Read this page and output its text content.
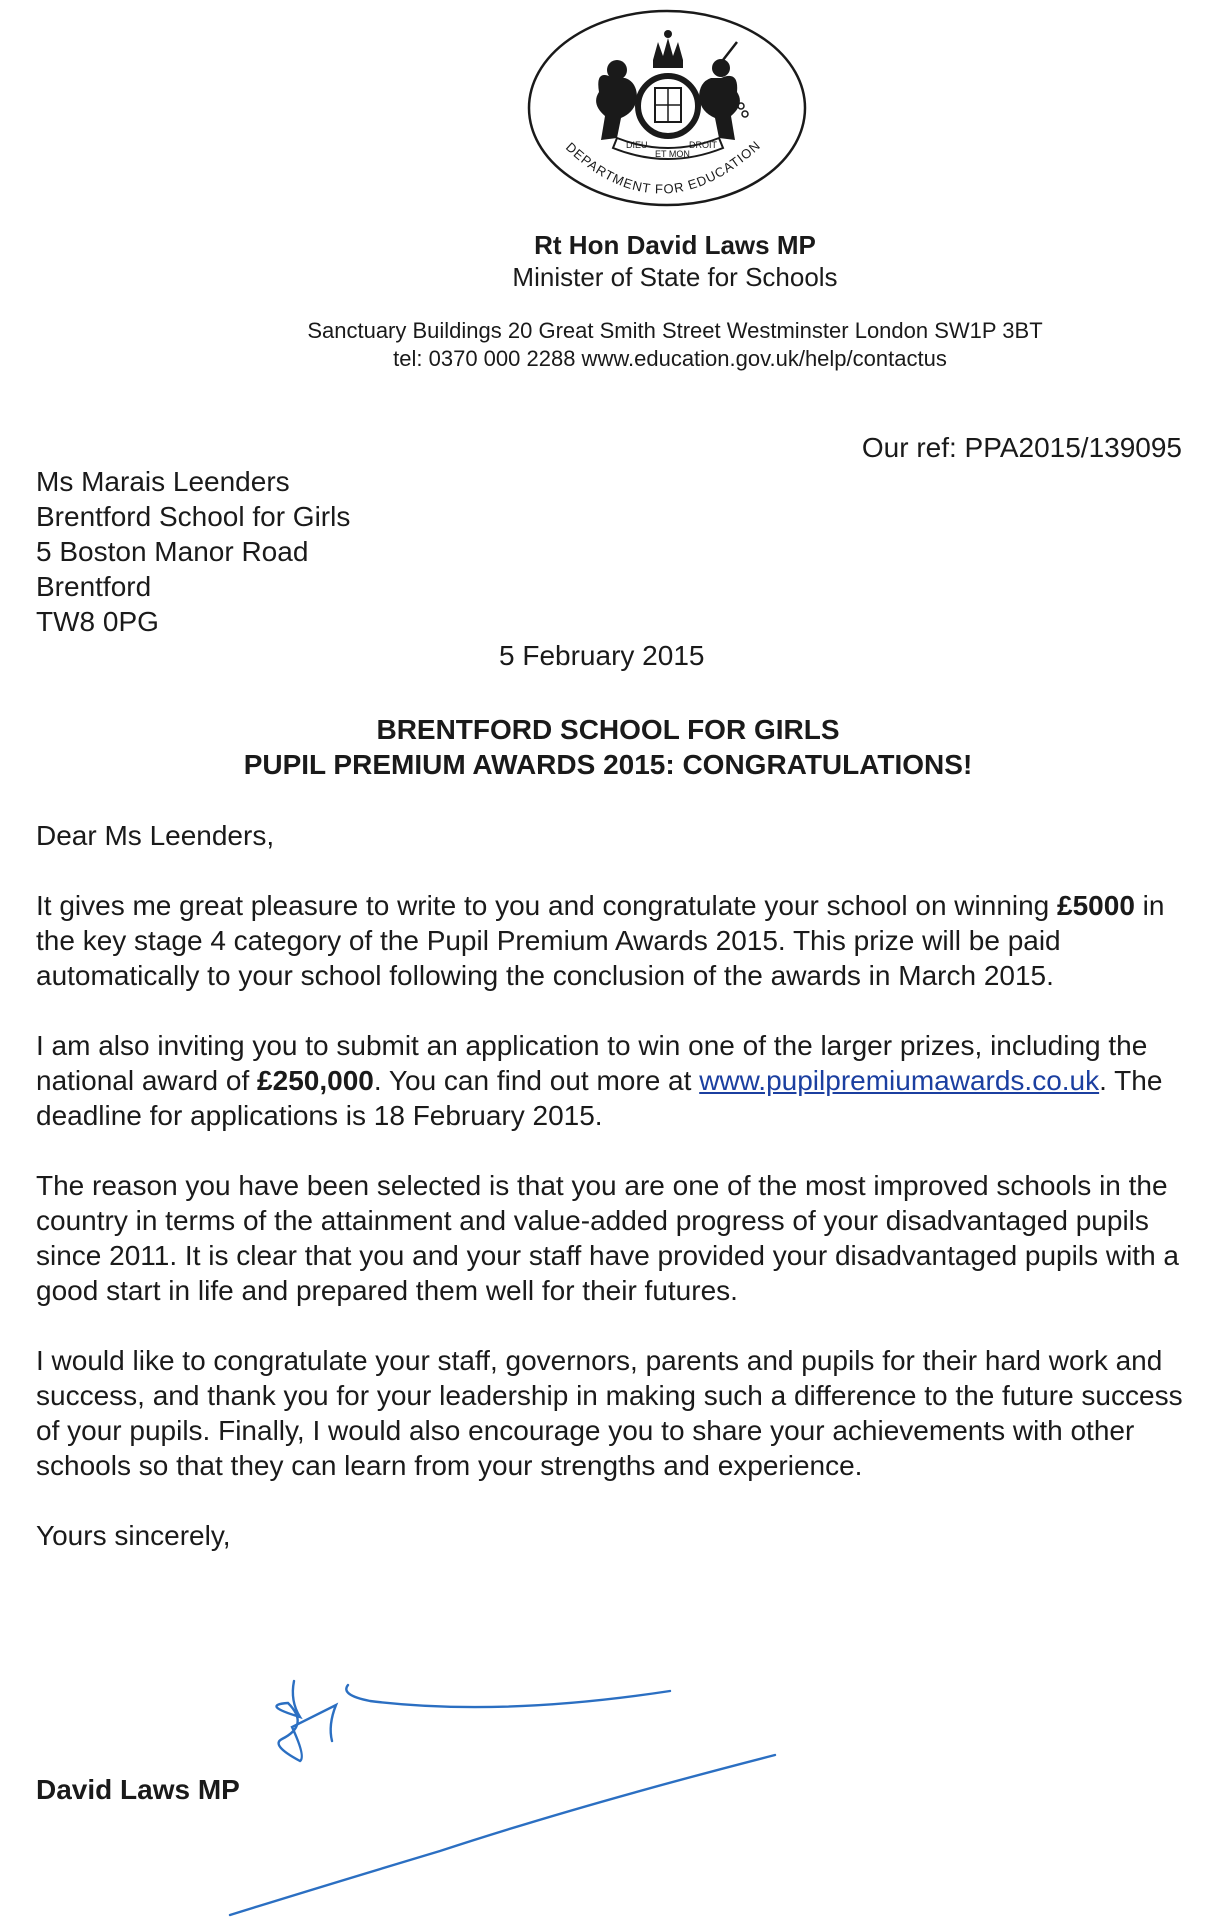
DIEU
ET MON
DROIT
DEPARTMENT FOR EDUCATION
Rt Hon David Laws MP
Minister of State for Schools
Sanctuary Buildings 20 Great Smith Street Westminster London SW1P 3BT
tel: 0370 000 2288 www.education.gov.uk/help/contactus
Our ref: PPA2015/139095
Ms Marais Leenders
Brentford School for Girls
5 Boston Manor Road
Brentford
TW8 0PG
5 February 2015
BRENTFORD SCHOOL FOR GIRLS
PUPIL PREMIUM AWARDS 2015: CONGRATULATIONS!

Dear Ms Leenders,

It gives me great pleasure to write to you and congratulate your school on winning £5000 in the key stage 4 category of the Pupil Premium Awards 2015. This prize will be paid automatically to your school following the conclusion of the awards in March 2015.

I am also inviting you to submit an application to win one of the larger prizes, including the national award of £250,000. You can find out more at www.pupilpremiumawards.co.uk. The deadline for applications is 18 February 2015.

The reason you have been selected is that you are one of the most improved schools in the country in terms of the attainment and value-added progress of your disadvantaged pupils since 2011. It is clear that you and your staff have provided your disadvantaged pupils with a good start in life and prepared them well for their futures.

I would like to congratulate your staff, governors, parents and pupils for their hard work and success, and thank you for your leadership in making such a difference to the future success of your pupils. Finally, I would also encourage you to share your achievements with other schools so that they can learn from your strengths and experience.

Yours sincerely,

David Laws MP
